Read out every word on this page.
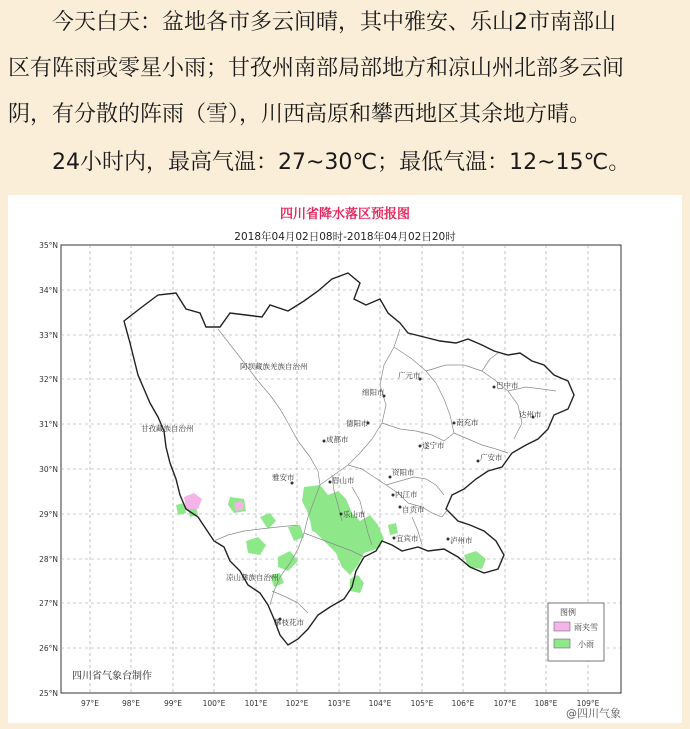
今天白天：盆地各市多云间晴，其中雅安、乐山2市南部山
区有阵雨或零星小雨；甘孜州南部局部地方和凉山州北部多云间
阴，有分散的阵雨（雪），川西高原和攀西地区其余地方晴。
24小时内，最高气温：27~30℃；最低气温：12~15℃。
35°N
34°N
33°N
32°N
31°N
30°N
29°N
28°N
27°N
26°N
25°N
97°E	98°E	99°E	100°E	101°E 102°E	103°E 104°E	105°E 106°E	107°E 108°E	109°E
阿坝藏族羌族自治州
甘孜藏族自治州
凉山彝族自治州
广元市
巴中市
绵阳市
达州市
南充市
德阳市
成都市
遂宁市
广安市
雅安市	眉山市
资阳市
内江市
乐山市
自贡市
宜宾市	泸州市
攀枝花市
图例
雨夹雪
小雨
四川省降水落区预报图
2018年04月02日08时-2018年04月02日20时
四川省气象台制作
@四川气象
